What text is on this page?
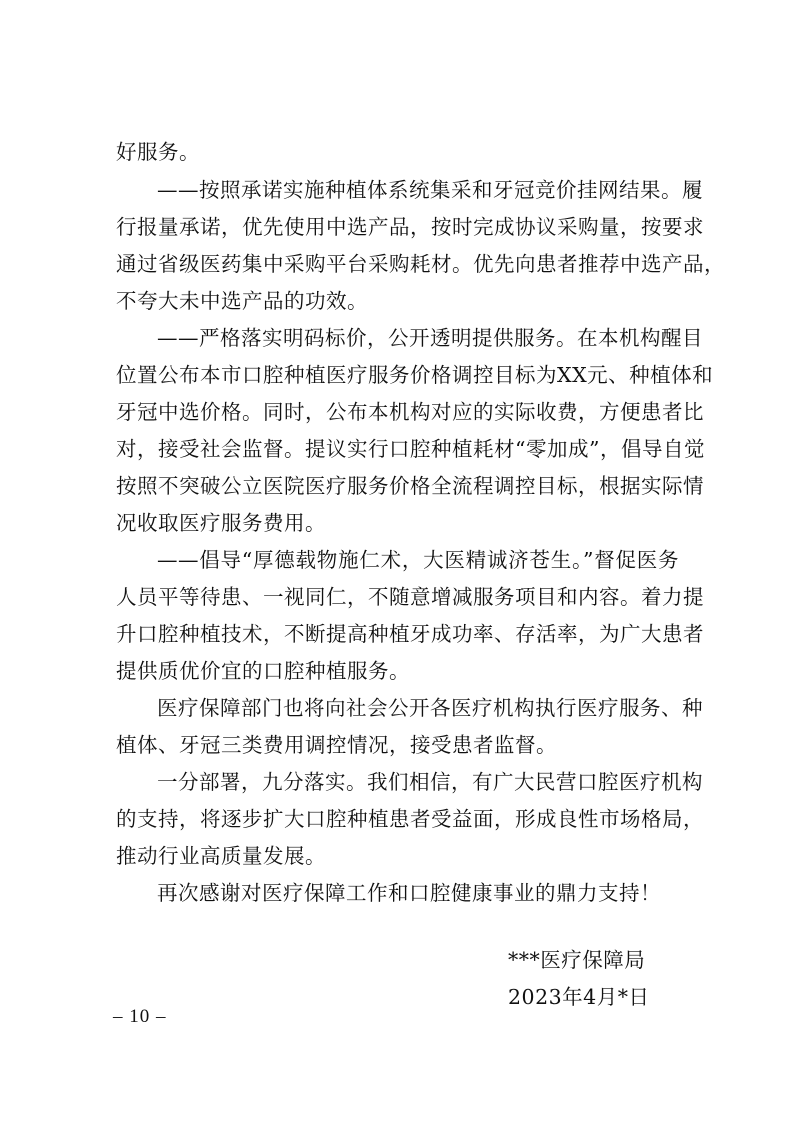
好服务。
——按照承诺实施种植体系统集采和牙冠竞价挂网结果。履
行报量承诺，优先使用中选产品，按时完成协议采购量，按要求
通过省级医药集中采购平台采购耗材。优先向患者推荐中选产品，
不夸大未中选产品的功效。
——严格落实明码标价，公开透明提供服务。在本机构醒目
位置公布本市口腔种植医疗服务价格调控目标为XX元、种植体和
牙冠中选价格。同时，公布本机构对应的实际收费，方便患者比
对，接受社会监督。提议实行口腔种植耗材“零加成”，倡导自觉
按照不突破公立医院医疗服务价格全流程调控目标，根据实际情
况收取医疗服务费用。
——倡导“厚德载物施仁术，大医精诚济苍生。”督促医务
人员平等待患、一视同仁，不随意增减服务项目和内容。着力提
升口腔种植技术，不断提高种植牙成功率、存活率，为广大患者
提供质优价宜的口腔种植服务。
医疗保障部门也将向社会公开各医疗机构执行医疗服务、种
植体、牙冠三类费用调控情况，接受患者监督。
一分部署，九分落实。我们相信，有广大民营口腔医疗机构
的支持，将逐步扩大口腔种植患者受益面，形成良性市场格局，
推动行业高质量发展。
再次感谢对医疗保障工作和口腔健康事业的鼎力支持！
***医疗保障局
2023年4月*日
– 10 –
